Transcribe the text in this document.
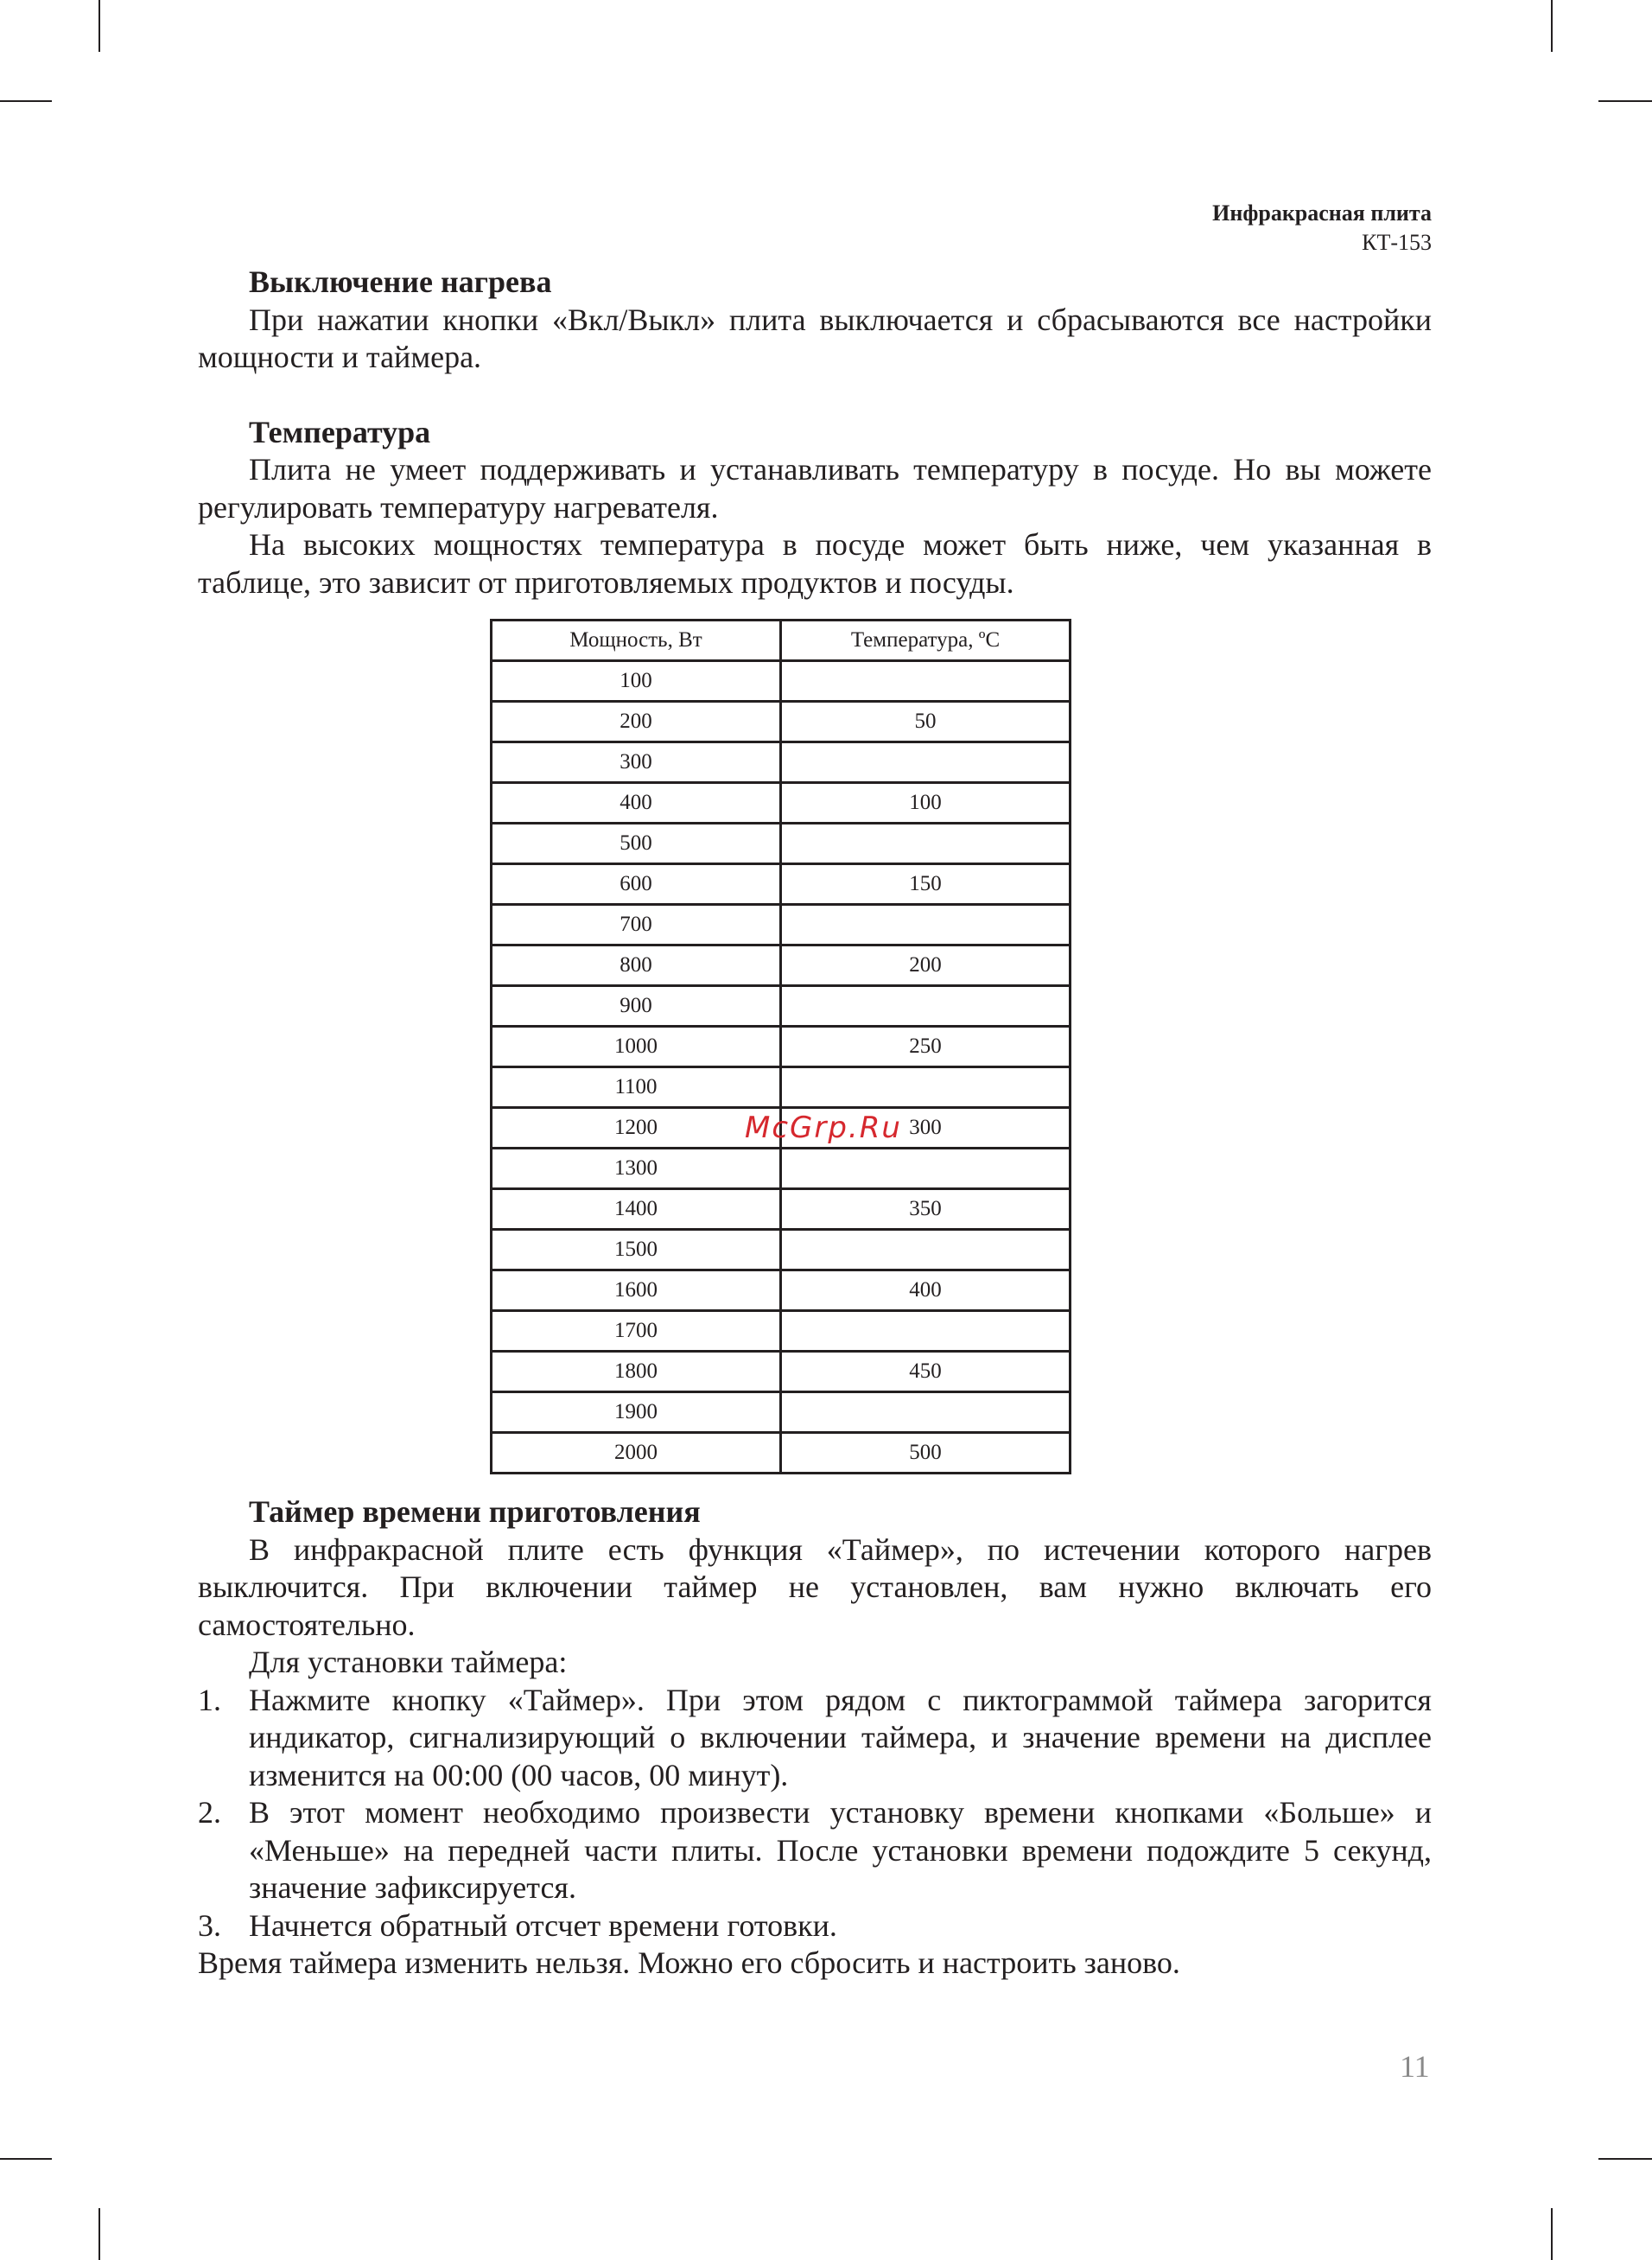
Инфракрасная плита
КТ-153
Выключение нагрева

При нажатии кнопки «Вкл/Выкл» плита выключается и сбрасываются все настройки мощности и таймера.

Температура

Плита не умеет поддерживать и устанавливать температуру в посуде. Но вы можете регулировать температуру нагревателя.

На высоких мощностях температура в посуде может быть ниже, чем указанная в таблице, это зависит от приготовляемых продуктов и посуды.

Мощность, Вт	Температура, ºС
100	
200	50
300	
400	100
500	
600	150
700	
800	200
900	
1000	250
1100	
1200	300
1300	
1400	350
1500	
1600	400
1700	
1800	450
1900	
2000	500
Таймер времени приготовления

В инфракрасной плите есть функция «Таймер», по истечении которого нагрев выключится. При включении таймер не установлен, вам нужно включать его самостоятельно.

Для установки таймера:

1. Нажмите кнопку «Таймер». При этом рядом с пиктограммой таймера загорится индикатор, сигнализирующий о включении таймера, и значение времени на дисплее изменится на 00:00 (00 часов, 00 минут).
2. В этот момент необходимо произвести установку времени кнопками «Больше» и «Меньше» на передней части плиты. После установки времени подождите 5 секунд, значение зафиксируется.
3. Начнется обратный отсчет времени готовки.
Время таймера изменить нельзя. Можно его сбросить и настроить заново.
McGrp.Ru
11
